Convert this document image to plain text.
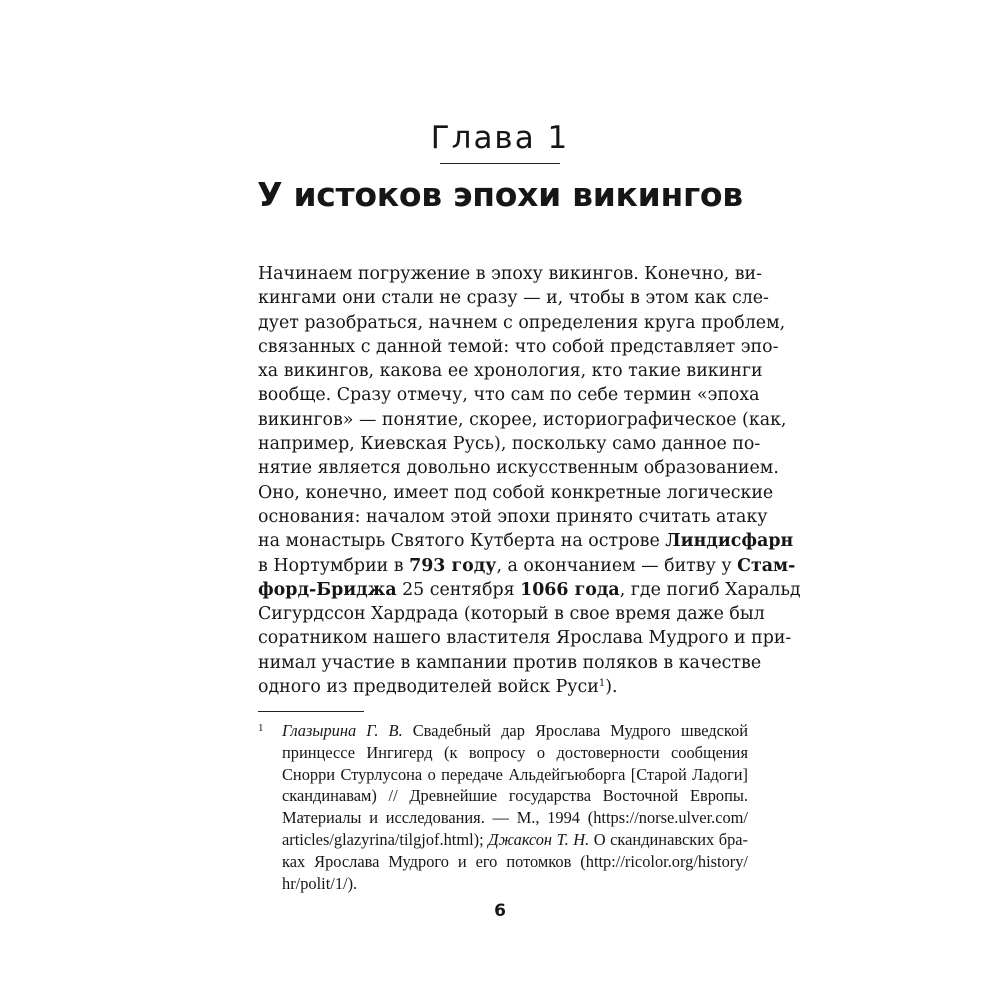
Глава 1
У истоков эпохи викингов
Начинаем погружение в эпоху викингов. Конечно, ви-
кингами они стали не сразу — и, чтобы в этом как сле-
дует разобраться, начнем с определения круга проблем,
связанных с данной темой: что собой представляет эпо-
ха викингов, какова ее хронология, кто такие викинги
вообще. Сразу отмечу, что сам по себе термин «эпоха
викингов» — понятие, скорее, историографическое (как,
например, Киевская Русь), поскольку само данное по-
нятие является довольно искусственным образованием.
Оно, конечно, имеет под собой конкретные логические
основания: началом этой эпохи принято считать атаку
на монастырь Святого Кутберта на острове Линдисфарн
в Нортумбрии в 793 году, а окончанием — битву у Стам-
форд-Бриджа 25 сентября 1066 года, где погиб Харальд
Сигурдссон Хардрада (который в свое время даже был
соратником нашего властителя Ярослава Мудрого и при-
нимал участие в кампании против поляков в качестве
одного из предводителей войск Руси$^1$).
1 Глазырина Г. В. Свадебный дар Ярослава Мудрого шведской
принцессе Ингигерд (к вопросу о достоверности сообщения
Снорри Стурлусона о передаче Альдейгьюборга [Старой Ладоги]
скандинавам) // Древнейшие государства Восточной Европы.
Материалы и исследования. — М., 1994 (https://norse.ulver.com/
articles/glazyrina/tilgjof.html); Джаксон Т. Н. О скандинавских бра-
ках Ярослава Мудрого и его потомков (http://ricolor.org/history/
hr/polit/1/).
6
